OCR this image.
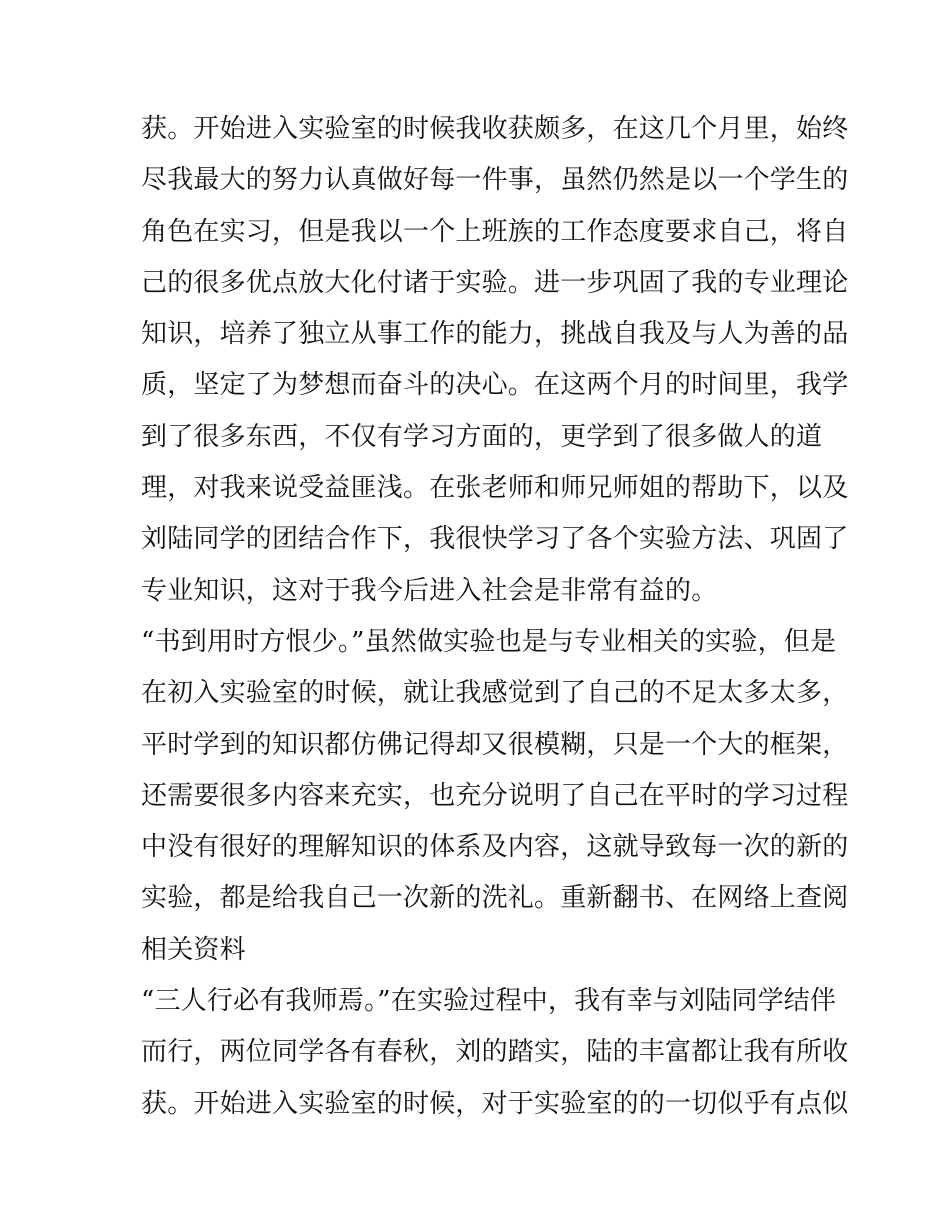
获。开始进入实验室的时候我收获颇多，在这几个月里，始终
尽我最大的努力认真做好每一件事，虽然仍然是以一个学生的
角色在实习，但是我以一个上班族的工作态度要求自己，将自
己的很多优点放大化付诸于实验。进一步巩固了我的专业理论
知识，培养了独立从事工作的能力，挑战自我及与人为善的品
质，坚定了为梦想而奋斗的决心。在这两个月的时间里，我学
到了很多东西，不仅有学习方面的，更学到了很多做人的道
理，对我来说受益匪浅。在张老师和师兄师姐的帮助下，以及
刘陆同学的团结合作下，我很快学习了各个实验方法、巩固了
专业知识，这对于我今后进入社会是非常有益的。
“书到用时方恨少。”虽然做实验也是与专业相关的实验，但是
在初入实验室的时候，就让我感觉到了自己的不足太多太多，
平时学到的知识都仿佛记得却又很模糊，只是一个大的框架，
还需要很多内容来充实，也充分说明了自己在平时的学习过程
中没有很好的理解知识的体系及内容，这就导致每一次的新的
实验，都是给我自己一次新的洗礼。重新翻书、在网络上查阅
相关资料
“三人行必有我师焉。”在实验过程中，我有幸与刘陆同学结伴
而行，两位同学各有春秋，刘的踏实，陆的丰富都让我有所收
获。开始进入实验室的时候，对于实验室的的一切似乎有点似
